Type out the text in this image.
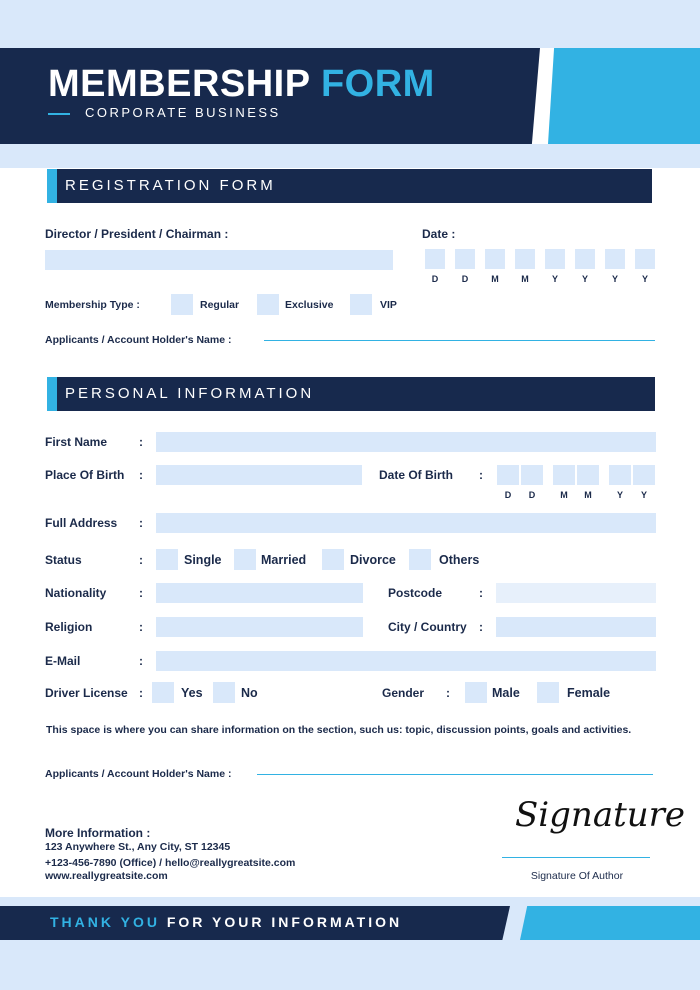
MEMBERSHIP FORM
CORPORATE BUSINESS
REGISTRATION FORM
Director / President / Chairman :	Date :
D	D	M	M	Y	Y	Y	Y
Membership Type :	Regular	Exclusive	VIP
Applicants / Account Holder's Name :
PERSONAL INFORMATION
First Name	:
Place Of Birth :	Date Of Birth :
D	D	M	M	Y	Y
Full Address :
Status	:	Single	Married	Divorce	Others
Nationality	:	Postcode	:
Religion	:	City / Country :
E-Mail	:
Driver License :	Yes	No	Gender :	Male	Female
This space is where you can share information on the section, such us: topic, discussion points, goals and activities.
Applicants / Account Holder's Name :
More Information :
123 Anywhere St., Any City, ST 12345
+123-456-7890 (Office) / hello@reallygreatsite.com
www.reallygreatsite.com
Signature
Signature Of Author
THANK YOU FOR YOUR INFORMATION
